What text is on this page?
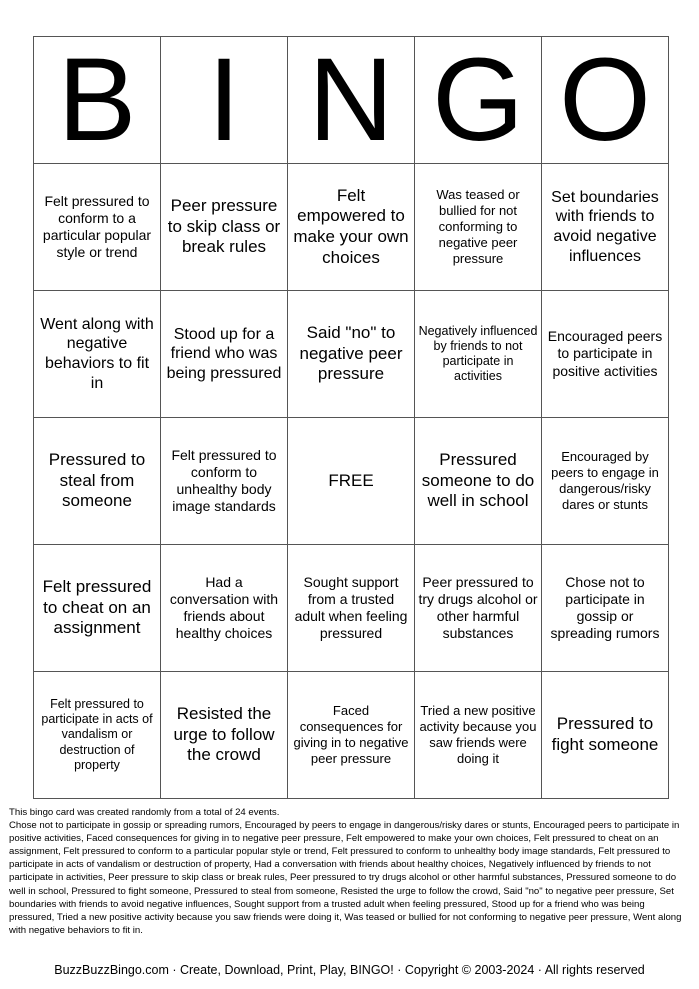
B	I	N	G	O
Felt pressured to conform to a particular popular style or trend	Peer pressure to skip class or break rules	Felt empowered to make your own choices	Was teased or bullied for not conforming to negative peer pressure	Set boundaries with friends to avoid negative influences
Went along with negative behaviors to fit in	Stood up for a friend who was being pressured	Said "no" to negative peer pressure	Negatively influenced by friends to not participate in activities	Encouraged peers to participate in positive activities
Pressured to steal from someone	Felt pressured to conform to unhealthy body image standards	FREE	Pressured someone to do well in school	Encouraged by peers to engage in dangerous/risky dares or stunts
Felt pressured to cheat on an assignment	Had a conversation with friends about healthy choices	Sought support from a trusted adult when feeling pressured	Peer pressured to try drugs alcohol or other harmful substances	Chose not to participate in gossip or spreading rumors
Felt pressured to participate in acts of vandalism or destruction of property	Resisted the urge to follow the crowd	Faced consequences for giving in to negative peer pressure	Tried a new positive activity because you saw friends were doing it	Pressured to fight someone

This bingo card was created randomly from a total of 24 events.

Chose not to participate in gossip or spreading rumors, Encouraged by peers to engage in dangerous/risky dares or stunts, Encouraged peers to participate in positive activities, Faced consequences for giving in to negative peer pressure, Felt empowered to make your own choices, Felt pressured to cheat on an assignment, Felt pressured to conform to a particular popular style or trend, Felt pressured to conform to unhealthy body image standards, Felt pressured to participate in acts of vandalism or destruction of property, Had a conversation with friends about healthy choices, Negatively influenced by friends to not participate in activities, Peer pressure to skip class or break rules, Peer pressured to try drugs alcohol or other harmful substances, Pressured someone to do well in school, Pressured to fight someone, Pressured to steal from someone, Resisted the urge to follow the crowd, Said "no" to negative peer pressure, Set boundaries with friends to avoid negative influences, Sought support from a trusted adult when feeling pressured, Stood up for a friend who was being pressured, Tried a new positive activity because you saw friends were doing it, Was teased or bullied for not conforming to negative peer pressure, Went along with negative behaviors to fit in.

BuzzBuzzBingo.com · Create, Download, Print, Play, BINGO! · Copyright © 2003-2024 · All rights reserved
